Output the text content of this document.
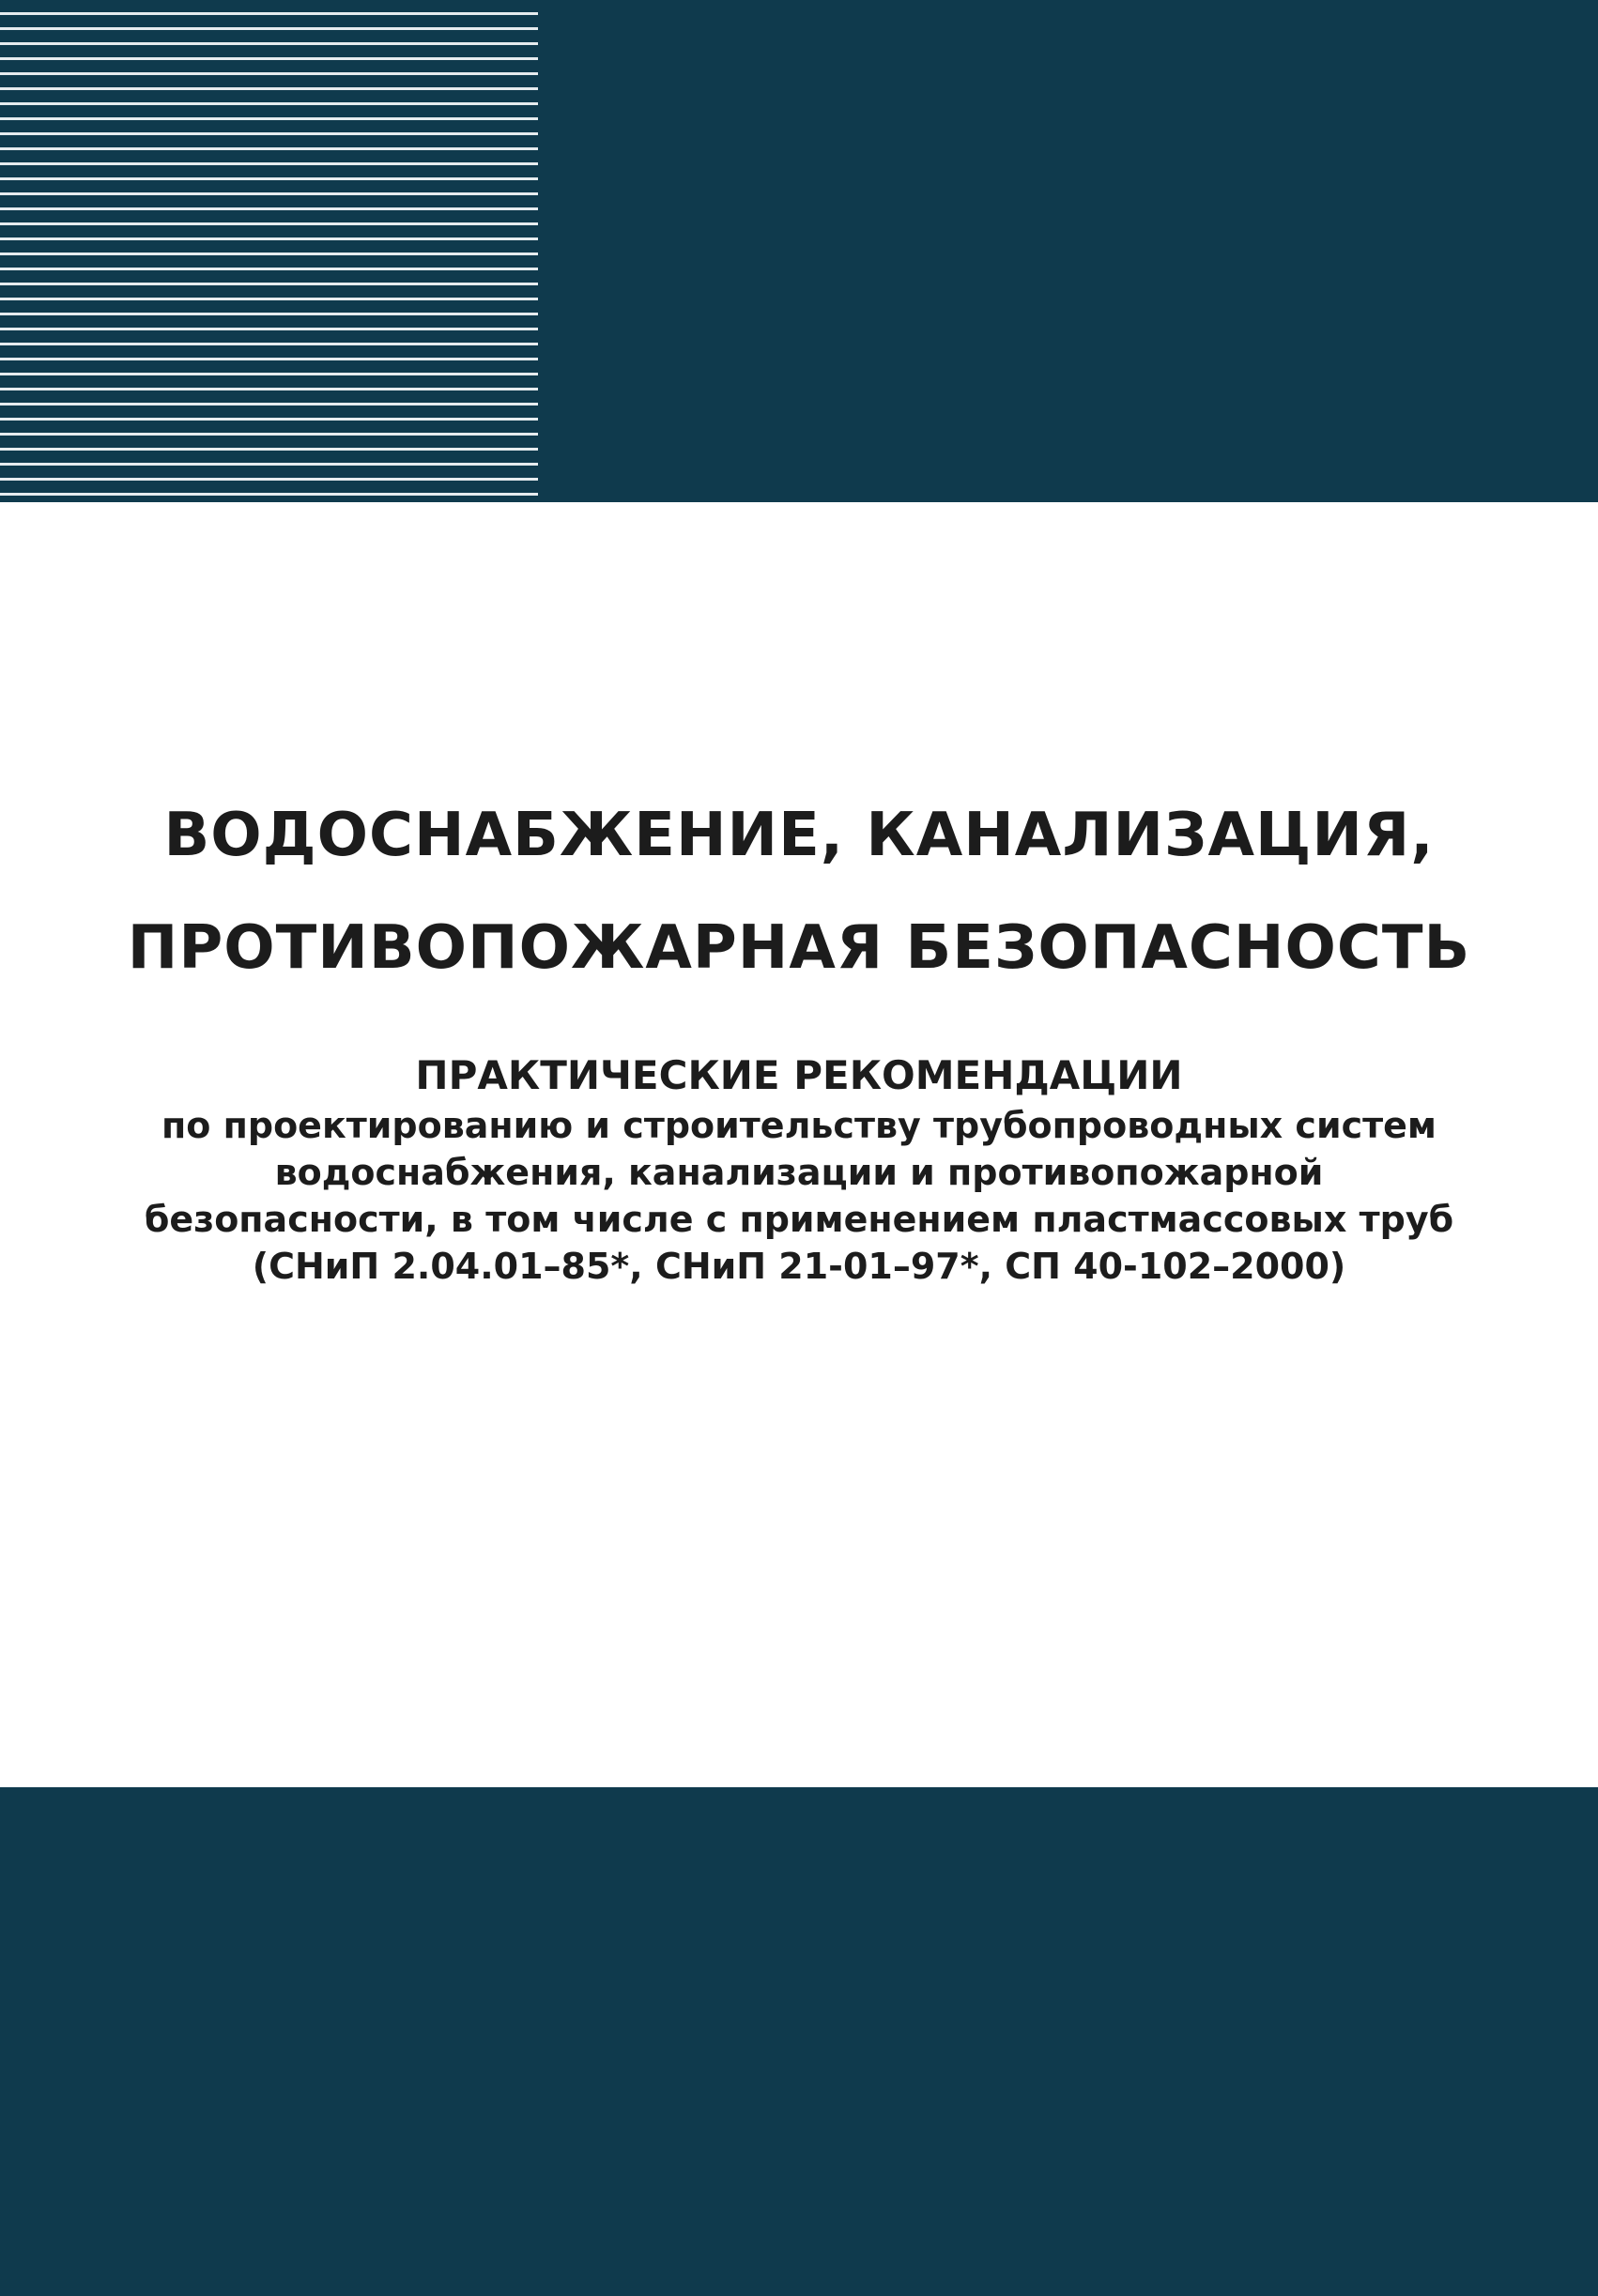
ВОДОСНАБЖЕНИЕ, КАНАЛИЗАЦИЯ,
ПРОТИВОПОЖАРНАЯ БЕЗОПАСНОСТЬ
ПРАКТИЧЕСКИЕ РЕКОМЕНДАЦИИ
по проектированию и строительству трубопроводных систем
водоснабжения, канализации и противопожарной
безопасности, в том числе с применением пластмассовых труб
(СНиП 2.04.01–85*, СНиП 21-01–97*, СП 40-102–2000)
